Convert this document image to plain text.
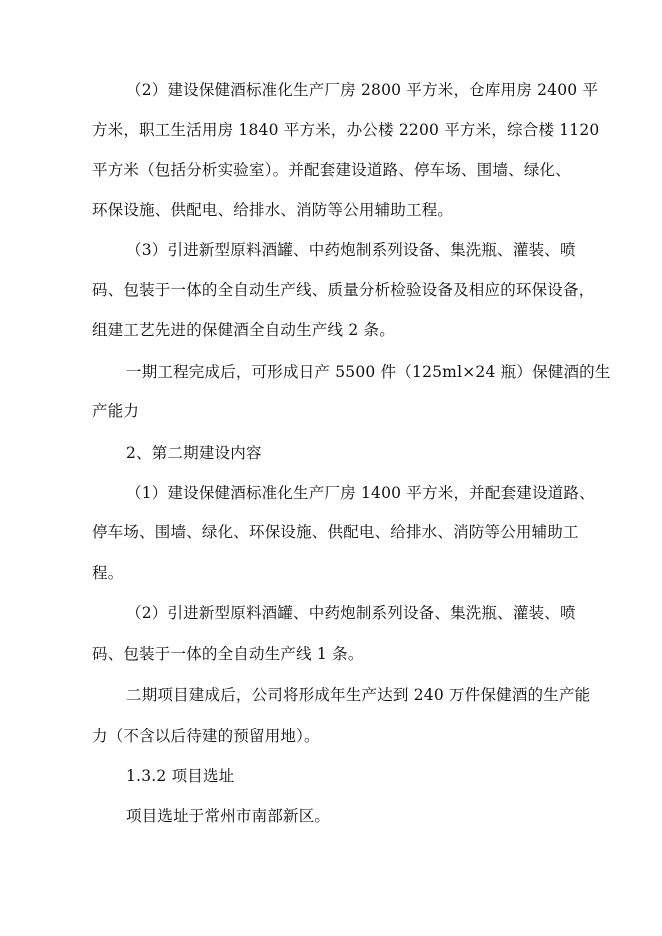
（2）建设保健酒标准化生产厂房 2800 平方米，仓库用房 2400 平
方米，职工生活用房 1840 平方米，办公楼 2200 平方米，综合楼 1120
平方米（包括分析实验室）。并配套建设道路、停车场、围墙、绿化、
环保设施、供配电、给排水、消防等公用辅助工程。
（3）引进新型原料酒罐、中药炮制系列设备、集洗瓶、灌装、喷
码、包装于一体的全自动生产线、质量分析检验设备及相应的环保设备，
组建工艺先进的保健酒全自动生产线 2 条。
一期工程完成后，可形成日产 5500 件（125ml×24 瓶）保健酒的生
产能力
2、第二期建设内容
（1）建设保健酒标准化生产厂房 1400 平方米，并配套建设道路、
停车场、围墙、绿化、环保设施、供配电、给排水、消防等公用辅助工
程。
（2）引进新型原料酒罐、中药炮制系列设备、集洗瓶、灌装、喷
码、包装于一体的全自动生产线 1 条。
二期项目建成后，公司将形成年生产达到 240 万件保健酒的生产能
力（不含以后待建的预留用地）。
1.3.2 项目选址
项目选址于常州市南部新区。
